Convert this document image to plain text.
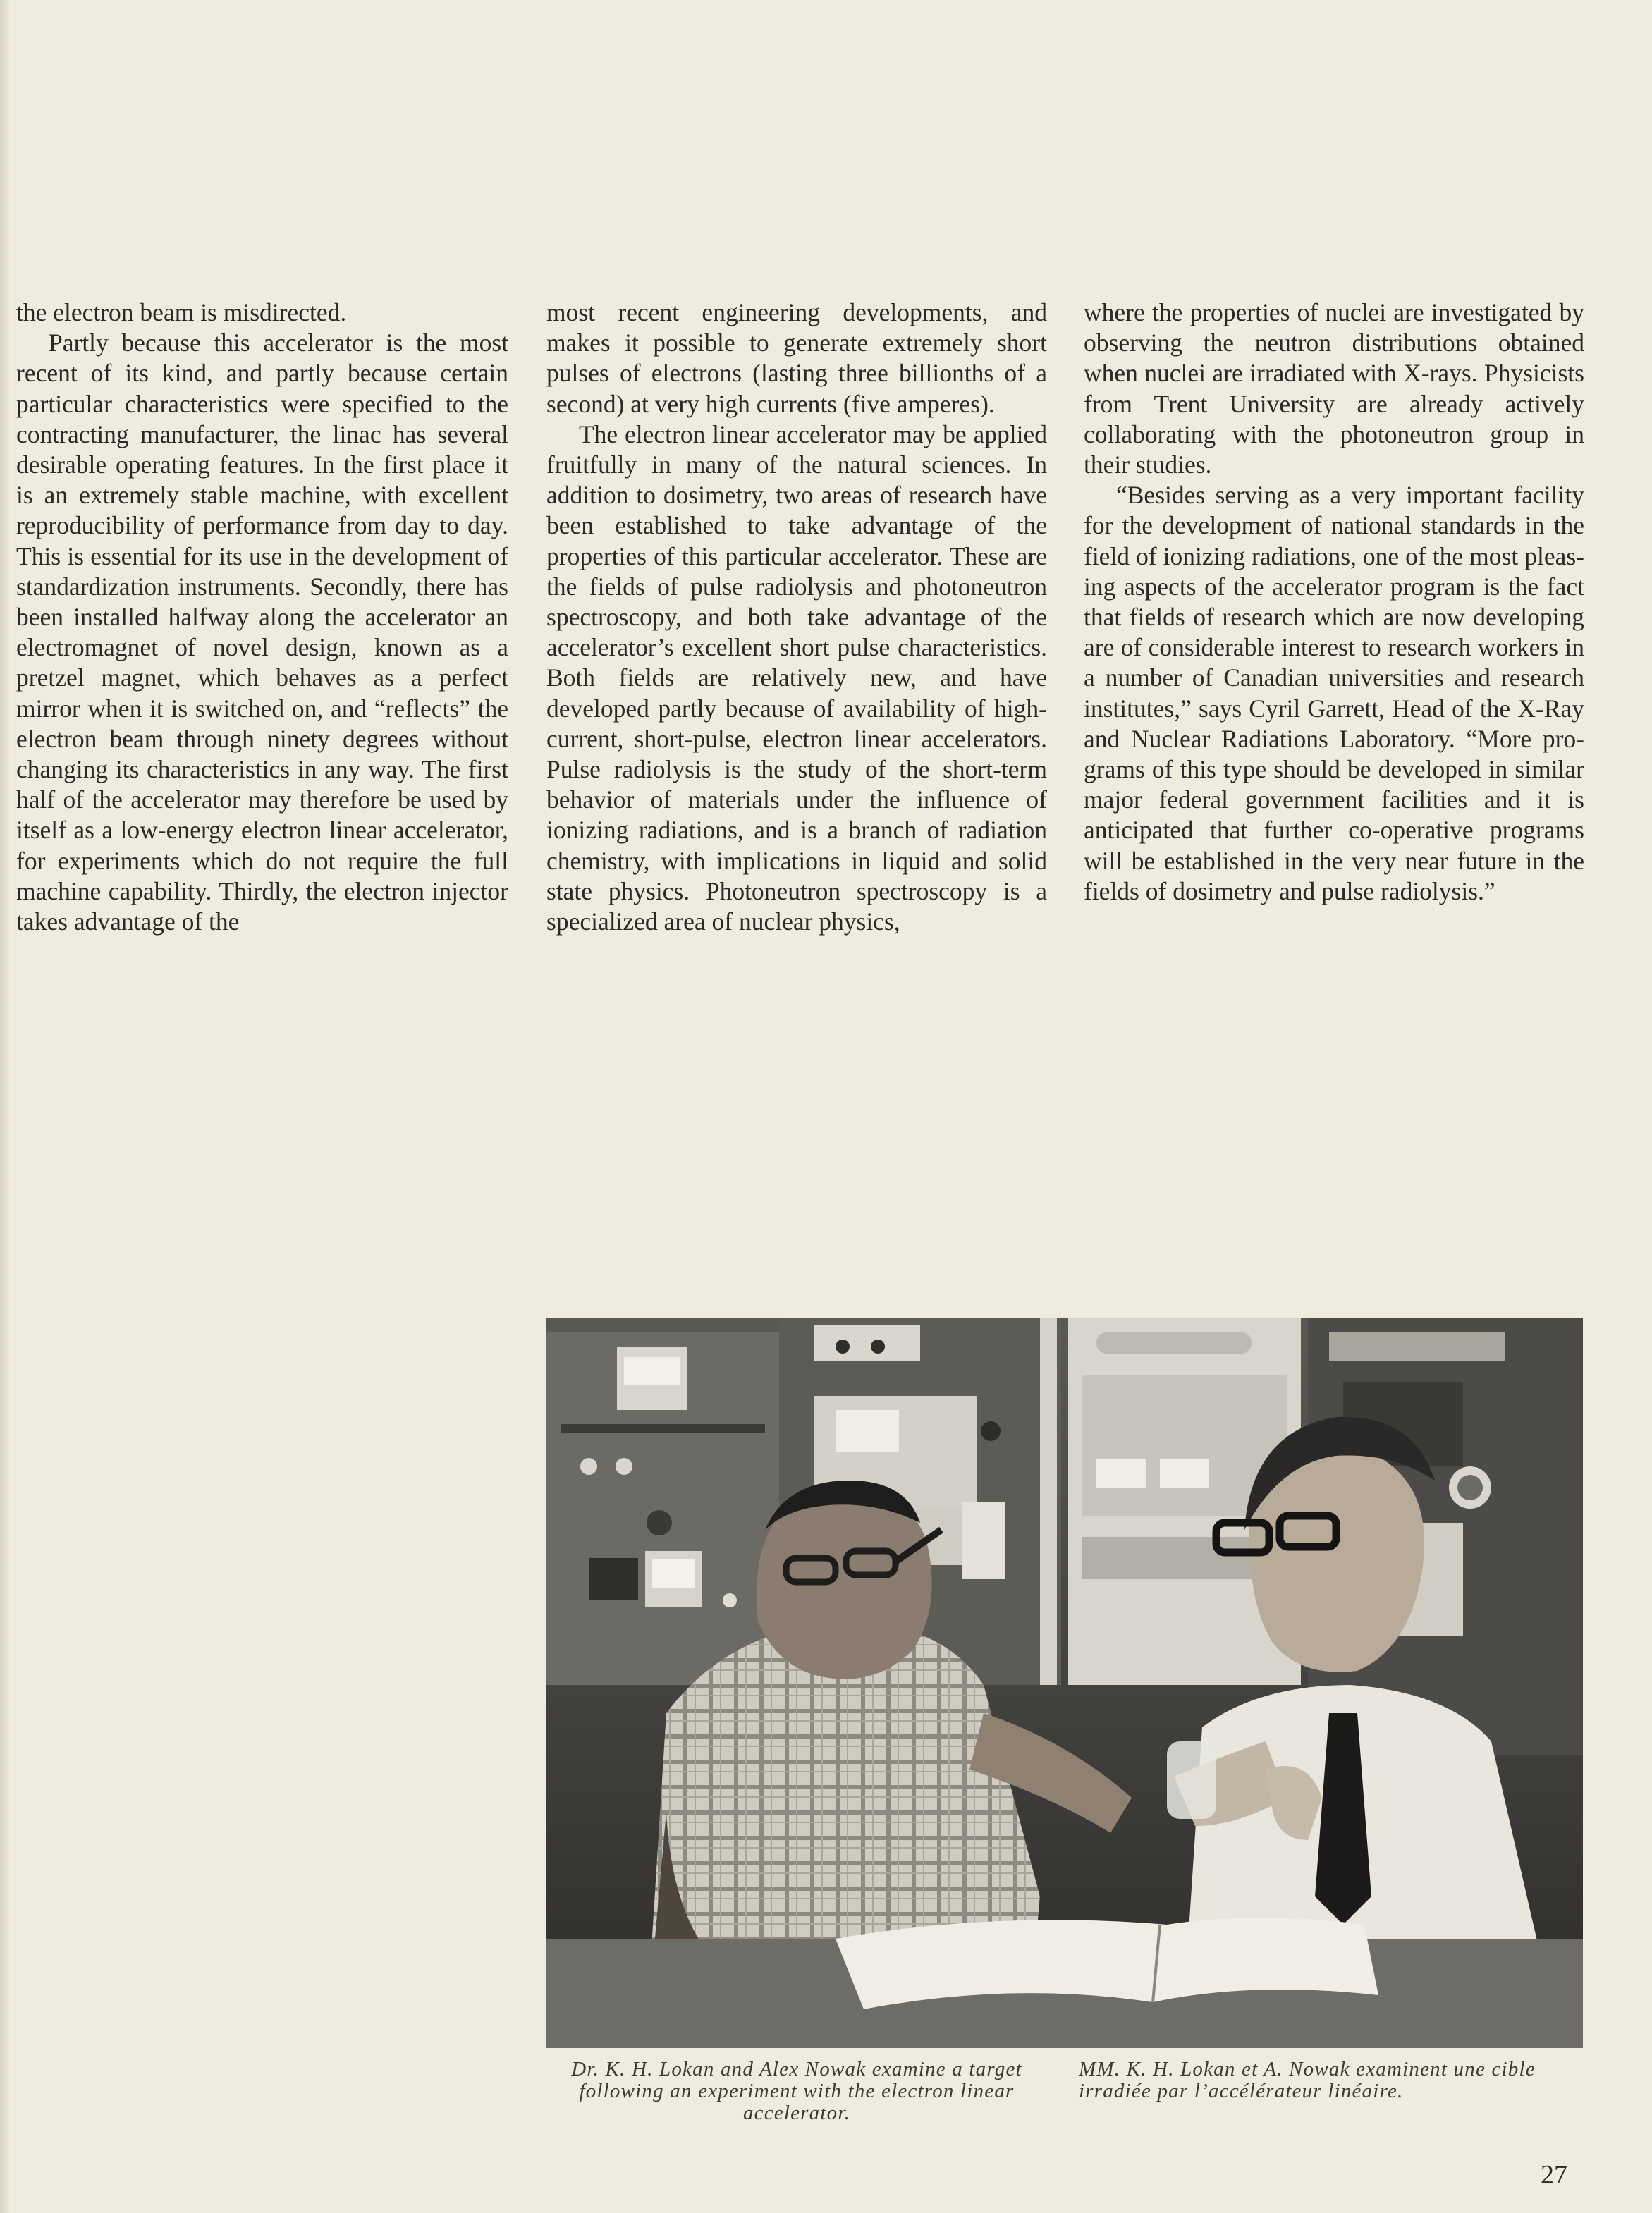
the electron beam is misdirected.

Partly because this accelerator is the most recent of its kind, and partly because certain particular characteristics were specified to the contracting manufacturer, the linac has several desirable operating features. In the first place it is an extremely stable machine, with excellent reproducibility of performance from day to day. This is essential for its use in the development of standardization instruments. Secondly, there has been installed halfway along the accelerator an electromagnet of novel design, known as a pretzel magnet, which behaves as a perfect mirror when it is switched on, and “reflects” the electron beam through ninety degrees without changing its characteristics in any way. The first half of the accelerator may therefore be used by itself as a low-energy electron linear accelerator, for experiments which do not require the full machine capability. Thirdly, the electron injector takes advantage of the

most recent engineering developments, and makes it possible to generate extremely short pulses of electrons (lasting three billionths of a second) at very high currents (five amperes).

The electron linear accelerator may be applied fruitfully in many of the natural sciences. In addition to dosimetry, two areas of research have been established to take advantage of the properties of this particular accelerator. These are the fields of pulse radiolysis and photoneutron spectroscopy, and both take advantage of the accelerator’s excellent short pulse characteristics. Both fields are relatively new, and have developed partly because of availability of high-current, short-pulse, electron linear accelerators. Pulse radiolysis is the study of the short-term behavior of materials under the influence of ionizing radiations, and is a branch of radiation chemistry, with implications in liquid and solid state physics. Photoneutron spectroscopy is a specialized area of nuclear physics,

where the properties of nuclei are investigated by observing the neutron distributions obtained when nuclei are irradiated with X-rays. Physicists from Trent University are already actively collaborating with the photoneutron group in their studies.

“Besides serving as a very important facility for the development of national standards in the field of ionizing radiations, one of the most pleasing aspects of the accelerator program is the fact that fields of research which are now developing are of considerable interest to research workers in a number of Canadian universities and research institutes,” says Cyril Garrett, Head of the X-Ray and Nuclear Radiations Laboratory. “More programs of this type should be developed in similar major federal government facilities and it is anticipated that further co-operative programs will be established in the very near future in the fields of dosimetry and pulse radiolysis.”

Dr. K. H. Lokan and Alex Nowak examine a target following an experiment with the electron linear accelerator.
MM. K. H. Lokan et A. Nowak examinent une cible irradiée par l’accélérateur linéaire.
27
